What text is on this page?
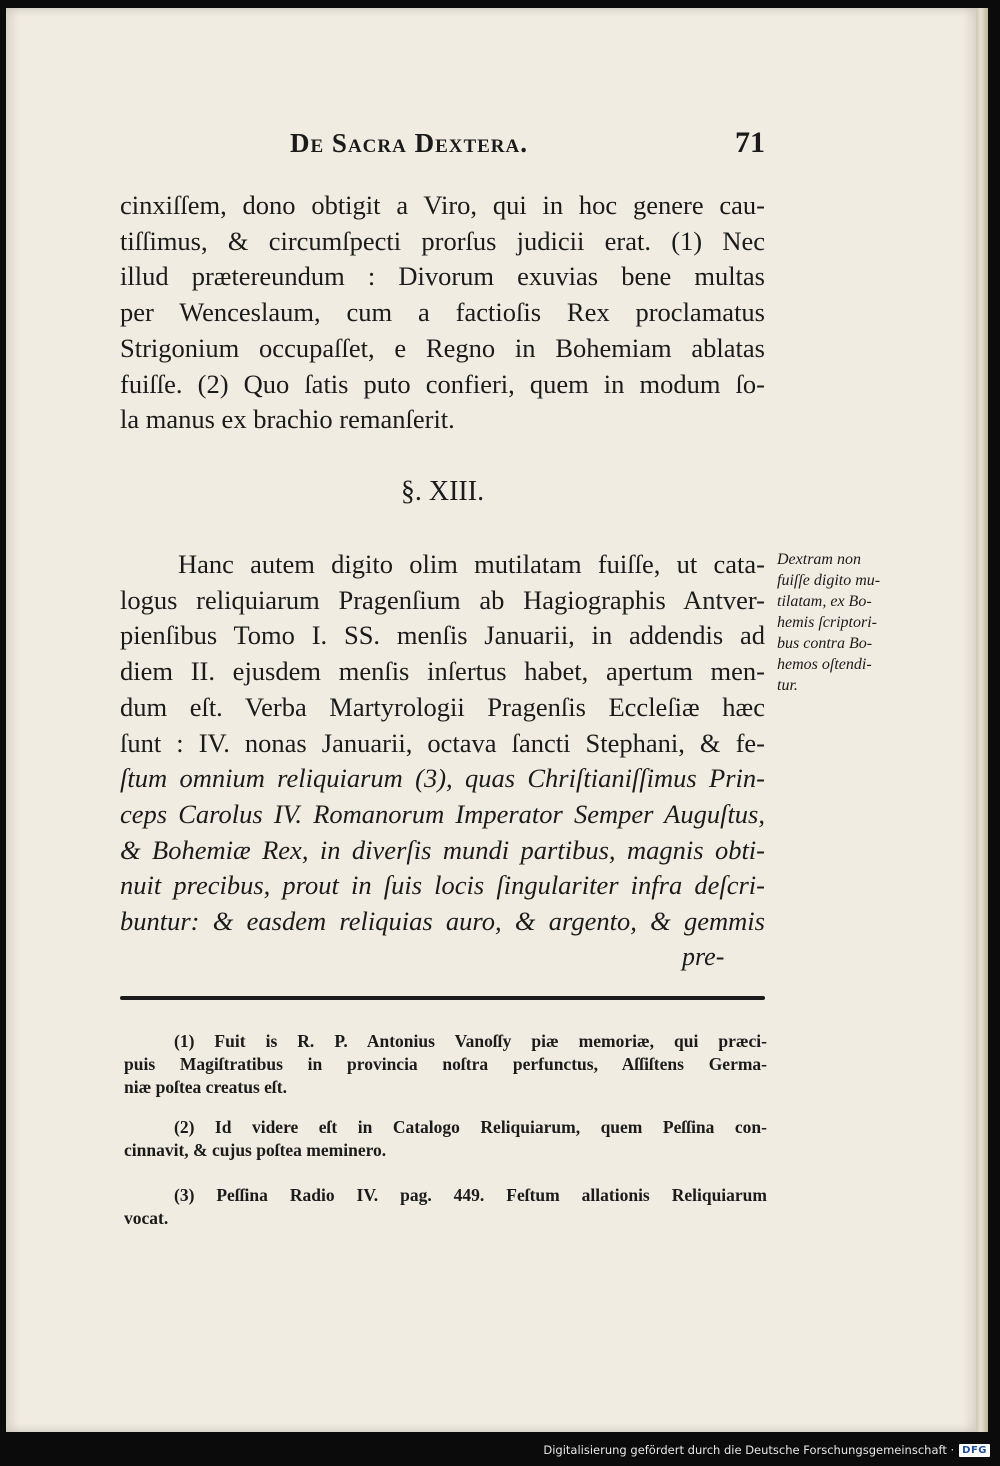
De Sacra Dextera.	71
cinxiſſem, dono obtigit a Viro, qui in hoc genere cau-
tiſſimus, & circumſpecti prorſus judicii erat. (1) Nec
illud prætereundum : Divorum exuvias bene multas
per Wenceslaum, cum a factioſis Rex proclamatus
Strigonium occupaſſet, e Regno in Bohemiam ablatas
fuiſſe. (2) Quo ſatis puto confieri, quem in modum ſo-
la manus ex brachio remanſerit.
§. XIII.
Hanc autem digito olim mutilatam fuiſſe, ut cata-
logus reliquiarum Pragenſium ab Hagiographis Antver-
pienſibus Tomo I. SS. menſis Januarii, in addendis ad
diem II. ejusdem menſis inſertus habet, apertum men-
dum eſt. Verba Martyrologii Pragenſis Eccleſiæ hæc
ſunt : IV. nonas Januarii, octava ſancti Stephani, & fe-
ſtum omnium reliquiarum (3), quas Chriſtianiſſimus Prin-
ceps Carolus IV. Romanorum Imperator Semper Auguſtus,
& Bohemiæ Rex, in diverſis mundi partibus, magnis obti-
nuit precibus, prout in ſuis locis ſingulariter infra deſcri-
buntur: & easdem reliquias auro, & argento, & gemmis
pre-
Dextram non
fuiſſe digito mu-
tilatam, ex Bo-
hemis ſcriptori-
bus contra Bo-
hemos oſtendi-
tur.
(1) Fuit is R. P. Antonius Vanoſſy piæ memoriæ, qui præci-
puis Magiſtratibus in provincia noſtra perfunctus, Aſſiſtens Germa-
niæ poſtea creatus eſt.
(2) Id videre eſt in Catalogo Reliquiarum, quem Peſſina con-
cinnavit, & cujus poſtea meminero.
(3) Peſſina Radio IV. pag. 449. Feſtum allationis Reliquiarum
vocat.
Digitalisierung gefördert durch die Deutsche Forschungsgemeinschaft · DFG
